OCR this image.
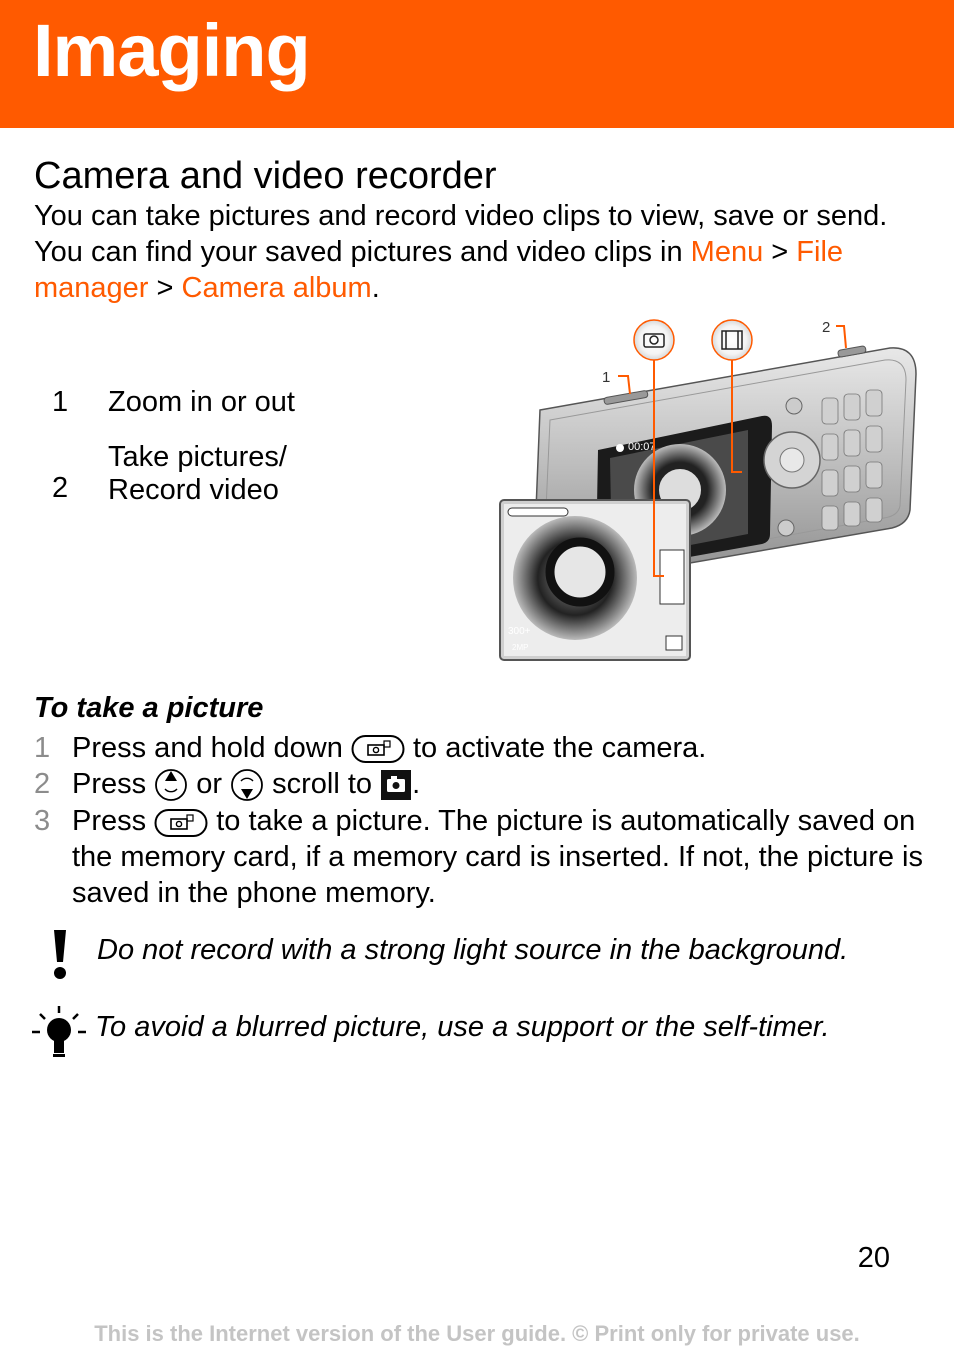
Imaging
Camera and video recorder
You can take pictures and record video clips to view, save or send. You can find your saved pictures and video clips in Menu > File manager > Camera album.
1 Zoom in or out
2
Take pictures/
Record video
00:07
300+
2MP
1
2
To take a picture
1 Press and hold down  to activate the camera.
2 Press  or  scroll to .
3 Press  to take a picture. The picture is automatically saved on the memory card, if a memory card is inserted. If not, the picture is saved in the phone memory.
Do not record with a strong light source in the background.
To avoid a blurred picture, use a support or the self-timer.
20
This is the Internet version of the User guide. © Print only for private use.
